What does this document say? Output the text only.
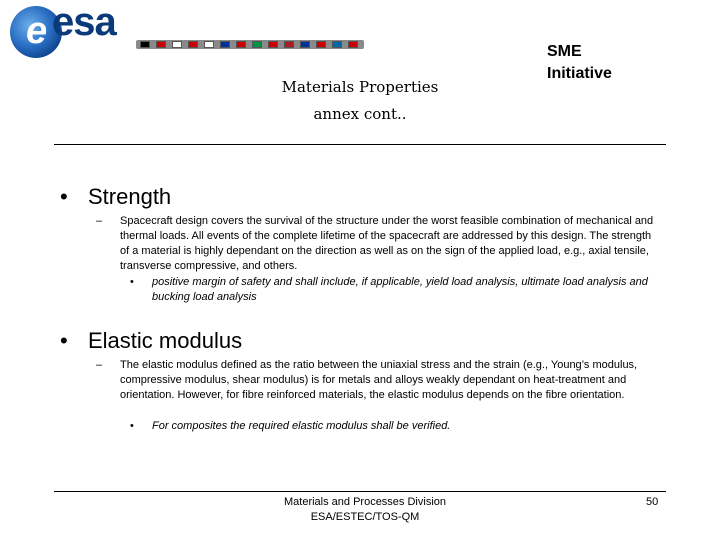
e esa
Materials Properties
annex cont..
SME
Initiative
• Strength
– Spacecraft design covers the survival of the structure under the worst feasible combination of mechanical and thermal loads. All events of the complete lifetime of the spacecraft are addressed by this design. The strength of a material is highly dependant on the direction as well as on the sign of the applied load, e.g., axial tensile, transverse compressive, and others.
• positive margin of safety and shall include, if applicable, yield load analysis, ultimate load analysis and bucking load analysis
• Elastic modulus
– The elastic modulus defined as the ratio between the uniaxial stress and the strain (e.g., Young’s modulus, compressive modulus, shear modulus) is for metals and alloys weakly dependant on heat-treatment and orientation. However, for fibre reinforced materials, the elastic modulus depends on the fibre orientation.
• For composites the required elastic modulus shall be verified.
Materials and Processes Division
ESA/ESTEC/TOS-QM
50
